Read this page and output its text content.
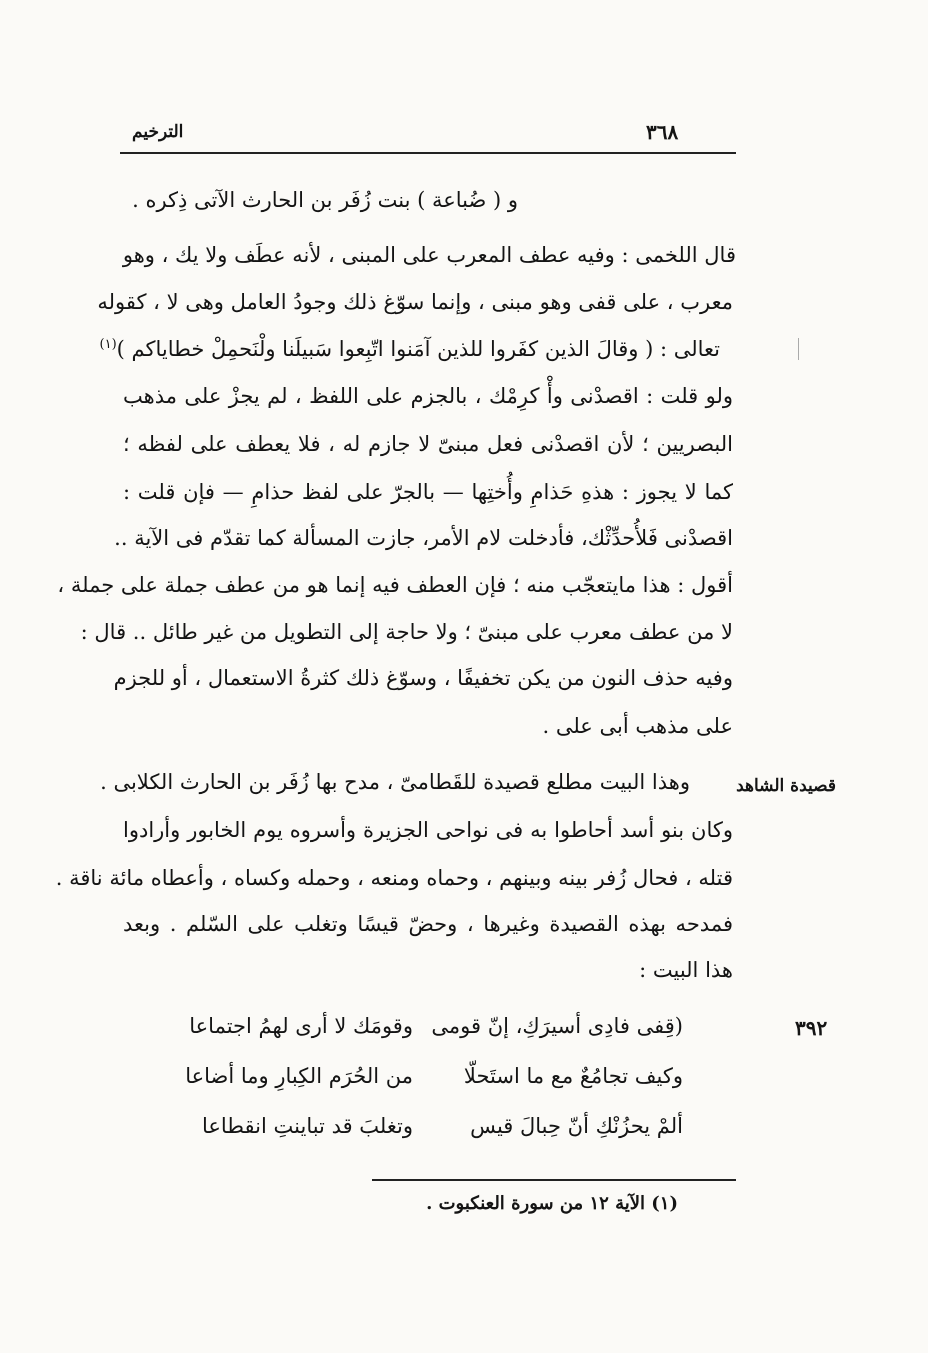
٣٦٨
الترخيم
و ( ضُباعة ) بنت زُفَر بن الحارث الآتى ذِكره .
قال اللخمى : وفيه عطف المعرب على المبنى ، لأنه عطَف ولا يك ، وهو
معرب ، على قفى وهو مبنى ، وإنما سوّغ ذلك وجودُ العامل وهى لا ، كقوله
تعالى : ( وقالَ الذين كفَروا للذين آمَنوا اتّبِعوا سَبيلَنا ولْنَحمِلْ خطاياكم )$^{(١)}$
ولو قلت : اقصدْنى وأْ كرِمْك ، بالجزم على اللفظ ، لم يجزْ على مذهب
البصريين ؛ لأن اقصدْنى فعل مبنىّ لا جازم له ، فلا يعطف على لفظه ؛
كما لا يجوز : هذهِ حَذامِ وأُختِها — بالجرّ على لفظ حذامِ — فإن قلت :
اقصدْنى فَلأُحدِّثْك، فأدخلت لام الأمر، جازت المسألة كما تقدّم فى الآية ..
أقول : هذا مايتعجّب منه ؛ فإن العطف فيه إنما هو من عطف جملة على جملة ،
لا من عطف معرب على مبنىّ ؛ ولا حاجة إلى التطويل من غير طائل .. قال :
وفيه حذف النون من يكن تخفيفًا ، وسوّغ ذلك كثرةُ الاستعمال ، أو للجزم
على مذهب أبى على .
قصيدة الشاهد
وهذا البيت مطلع قصيدة للقَطامىّ ، مدح بها زُفَر بن الحارث الكلابى .
وكان بنو أسد أحاطوا به فى نواحى الجزيرة وأسروه يوم الخابور وأرادوا
قتله ، فحال زُفر بينه وبينهم ، وحماه ومنعه ، وحمله وكساه ، وأعطاه مائة ناقة .
فمدحه بهذه القصيدة وغيرها ، وحضّ قيسًا وتغلب على السّلم . وبعد
هذا البيت :
٣٩٢
(قِفى فادِى أسيرَكِ، إنّ قومى
وقومَك لا أرى لهمُ اجتماعا
وكيف تجامُعٌ مع ما استَحلّا
من الحُرَم الكِبارِ وما أضاعا
ألمْ يحزُنْكِ أنّ حِبالَ قيس
وتغلبَ قد تباينتِ انقطاعا
(١) الآية ١٢ من سورة العنكبوت .
